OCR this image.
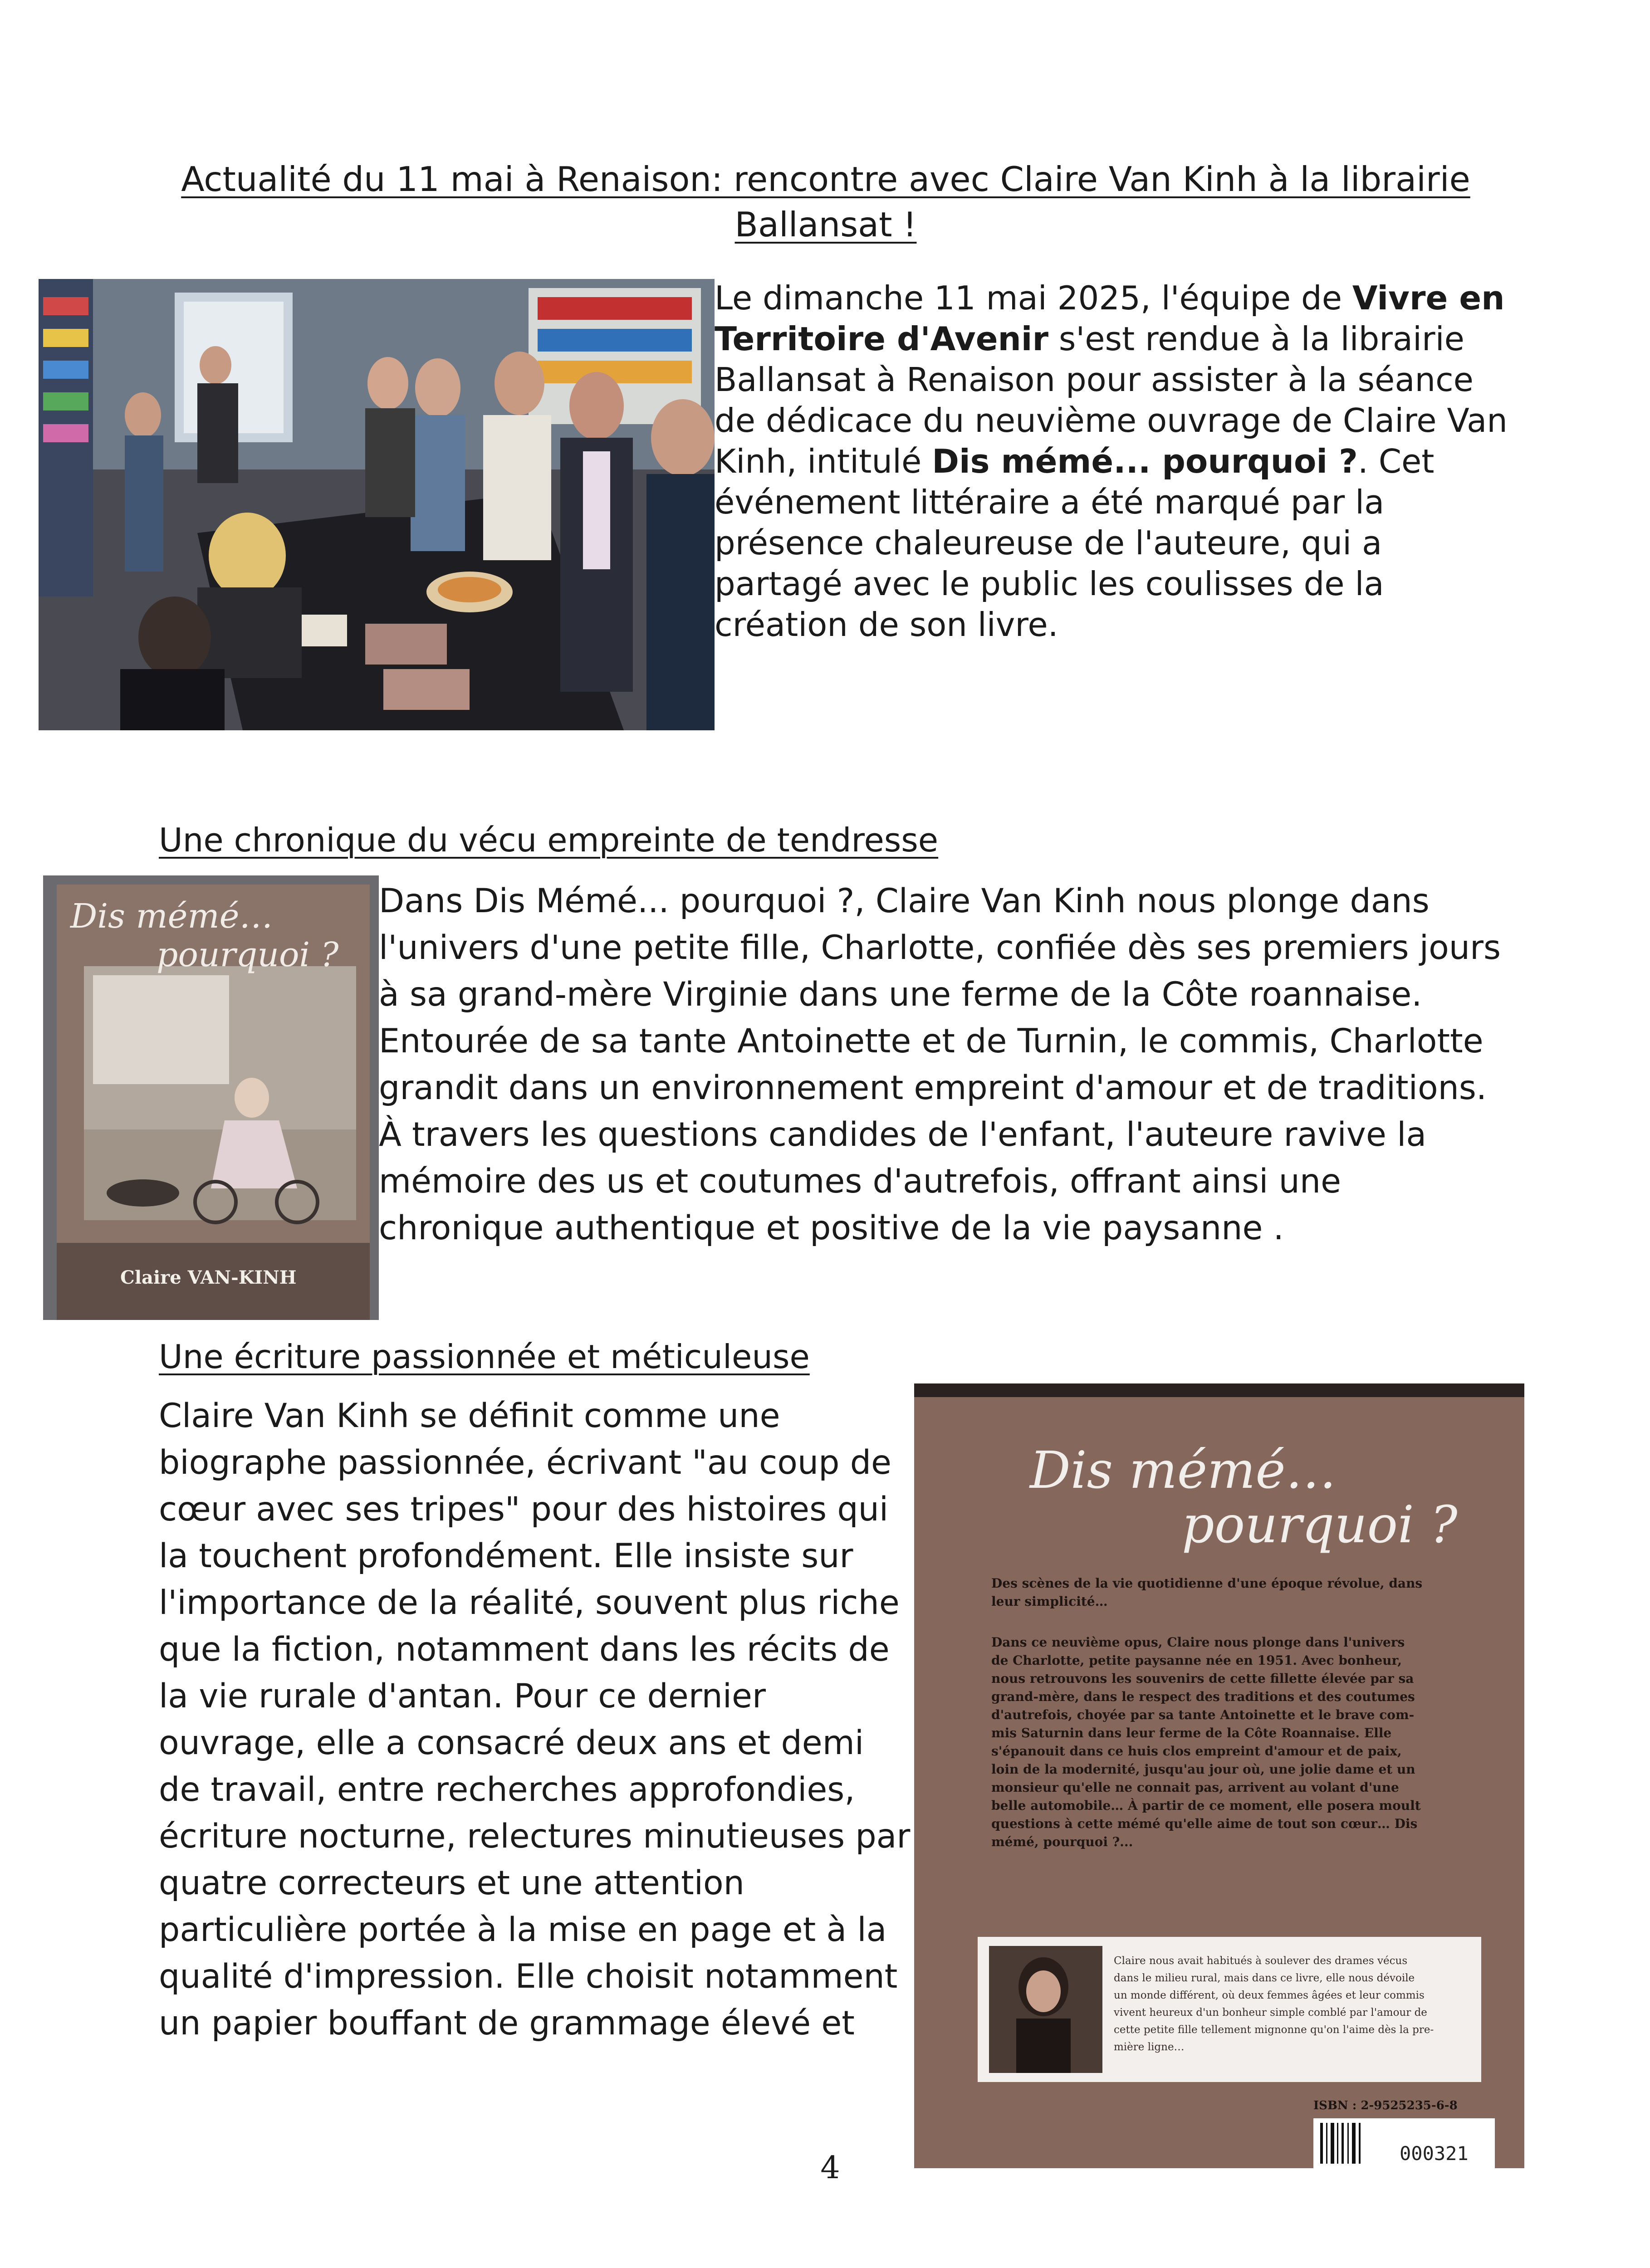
Actualité du 11 mai à Renaison: rencontre avec Claire Van Kinh à la librairie
Ballansat !

Le dimanche 11 mai 2025, l'équipe de Vivre en Territoire d'Avenir s'est rendue à la librairie Ballansat à Renaison pour assister à la séance de dédicace du neuvième ouvrage de Claire Van Kinh, intitulé Dis mémé... pourquoi ?. Cet événement littéraire a été marqué par la présence chaleureuse de l'auteure, qui a partagé avec le public les coulisses de la création de son livre.

Une chronique du vécu empreinte de tendresse
Dis mémé…
pourquoi ?
Claire VAN-KINH

Dans Dis Mémé... pourquoi ?, Claire Van Kinh nous plonge dans l'univers d'une petite fille, Charlotte, confiée dès ses premiers jours à sa grand-mère Virginie dans une ferme de la Côte roannaise. Entourée de sa tante Antoinette et de Turnin, le commis, Charlotte grandit dans un environnement empreint d'amour et de traditions. À travers les questions candides de l'enfant, l'auteure ravive la mémoire des us et coutumes d'autrefois, offrant ainsi une chronique authentique et positive de la vie paysanne .

Une écriture passionnée et méticuleuse

Claire Van Kinh se définit comme une biographe passionnée, écrivant "au coup de cœur avec ses tripes" pour des histoires qui la touchent profondément. Elle insiste sur l'importance de la réalité, souvent plus riche que la fiction, notamment dans les récits de la vie rurale d'antan. Pour ce dernier ouvrage, elle a consacré deux ans et demi de travail, entre recherches approfondies, écriture nocturne, relectures minutieuses par quatre correcteurs et une attention particulière portée à la mise en page et à la qualité d'impression. Elle choisit notamment un papier bouffant de grammage élevé et

Dis mémé…
pourquoi ?
Des scènes de la vie quotidienne d'une époque révolue, dans
leur simplicité…
Dans ce neuvième opus, Claire nous plonge dans l'univers
de Charlotte, petite paysanne née en 1951. Avec bonheur,
nous retrouvons les souvenirs de cette fillette élevée par sa
grand-mère, dans le respect des traditions et des coutumes
d'autrefois, choyée par sa tante Antoinette et le brave com-
mis Saturnin dans leur ferme de la Côte Roannaise. Elle
s'épanouit dans ce huis clos empreint d'amour et de paix,
loin de la modernité, jusqu'au jour où, une jolie dame et un
monsieur qu'elle ne connait pas, arrivent au volant d'une
belle automobile… À partir de ce moment, elle posera moult
questions à cette mémé qu'elle aime de tout son cœur… Dis
mémé, pourquoi ?...
Claire nous avait habitués à soulever des drames vécus
dans le milieu rural, mais dans ce livre, elle nous dévoile
un monde différent, où deux femmes âgées et leur commis
vivent heureux d'un bonheur simple comblé par l'amour de
cette petite fille tellement mignonne qu'on l'aime dès la pre-
mière ligne…
ISBN : 2-9525235-6-8
000321
4
